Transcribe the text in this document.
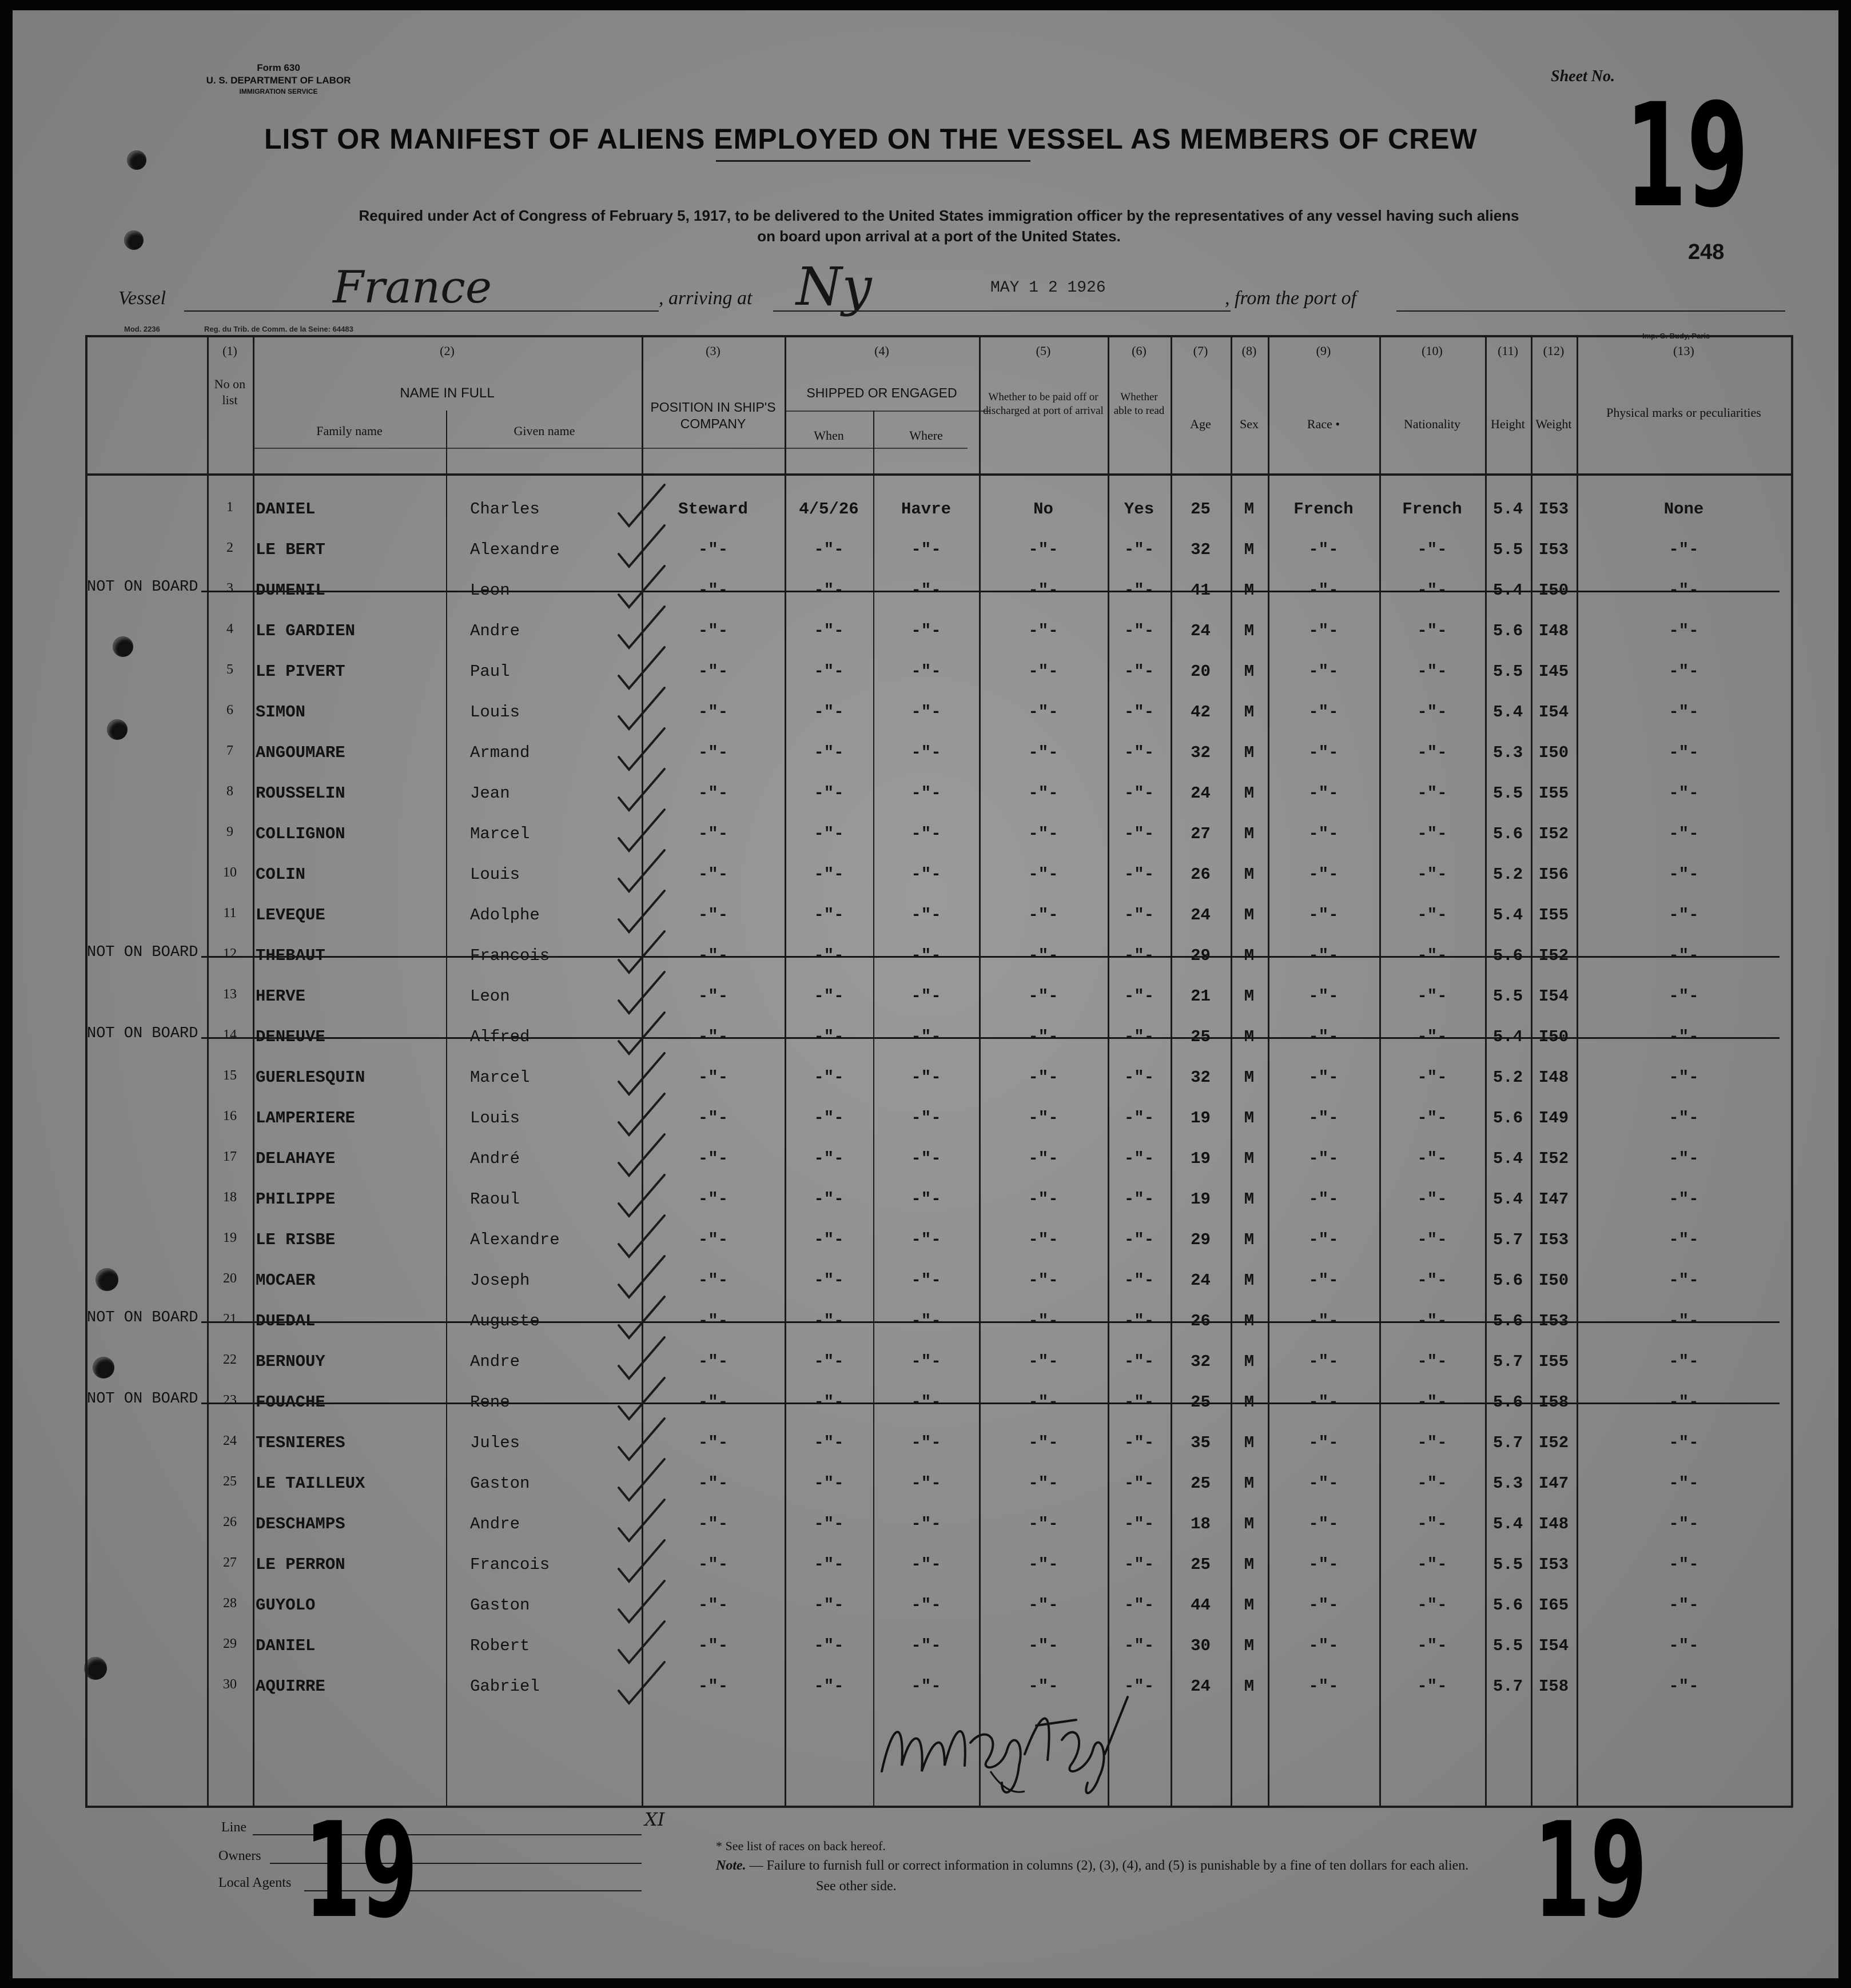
Form 630
U. S. DEPARTMENT OF LABOR
IMMIGRATION SERVICE
Sheet No. 19
248
LIST OR MANIFEST OF ALIENS EMPLOYED ON THE VESSEL AS MEMBERS OF CREW
Required under Act of Congress of February 5, 1917, to be delivered to the United States immigration officer by the representatives of any vessel having such aliens
on board upon arrival at a port of the United States.
Vessel	France	, arriving at Ny	MAY 1 2 1926	, from the port of
Mod. 2236	Reg. du Trib. de Comm. de la Seine: 64483
Imp. G. Budy, Paris
(1)
No on list
(2)
NAME IN FULL
Family name	Given name
(3)
POSITION IN SHIP'S COMPANY
(4)
SHIPPED OR ENGAGED
When	Where
(5)
Whether to be paid off or discharged at port of arrival
(6)
Whether able to read
(7)
Age
(8)
Sex
(9)
Race •
(10)
Nationality
(11)
Height
(12)
Weight
(13)
Physical marks or peculiarities
1	DANIEL	Charles	Steward	4/5/26	Havre	No	Yes	25	M	French	French	5.4 I53	None
2	LE BERT	Alexandre	-"-	-"-	-"-	-"-	-"-	32	M	-"-	-"-	5.5 I53	-"-
3	DUMENIL	Leon	-"-	-"-	-"-	-"-	-"-	41	M	-"-	-"-	5.4 I50	-"-
NOT ON BOARD
4	LE GARDIEN	Andre	-"-	-"-	-"-	-"-	-"-	24	M	-"-	-"-	5.6 I48	-"-
5	LE PIVERT	Paul	-"-	-"-	-"-	-"-	-"-	20	M	-"-	-"-	5.5 I45	-"-
6	SIMON	Louis	-"-	-"-	-"-	-"-	-"-	42	M	-"-	-"-	5.4 I54	-"-
7	ANGOUMARE	Armand	-"-	-"-	-"-	-"-	-"-	32	M	-"-	-"-	5.3 I50	-"-
8	ROUSSELIN	Jean	-"-	-"-	-"-	-"-	-"-	24	M	-"-	-"-	5.5 I55	-"-
9	COLLIGNON	Marcel	-"-	-"-	-"-	-"-	-"-	27	M	-"-	-"-	5.6 I52	-"-
10	COLIN	Louis	-"-	-"-	-"-	-"-	-"-	26	M	-"-	-"-	5.2 I56	-"-
11	LEVEQUE	Adolphe	-"-	-"-	-"-	-"-	-"-	24	M	-"-	-"-	5.4 I55	-"-
12	THEBAUT	Francois	-"-	-"-	-"-	-"-	-"-	29	M	-"-	-"-	5.6 I52	-"-
NOT ON BOARD
13	HERVE	Leon	-"-	-"-	-"-	-"-	-"-	21	M	-"-	-"-	5.5 I54	-"-
14	DENEUVE	Alfred	-"-	-"-	-"-	-"-	-"-	25	M	-"-	-"-	5.4 I50	-"-
NOT ON BOARD
15	GUERLESQUIN	Marcel	-"-	-"-	-"-	-"-	-"-	32	M	-"-	-"-	5.2 I48	-"-
16	LAMPERIERE	Louis	-"-	-"-	-"-	-"-	-"-	19	M	-"-	-"-	5.6 I49	-"-
17	DELAHAYE	André	-"-	-"-	-"-	-"-	-"-	19	M	-"-	-"-	5.4 I52	-"-
18	PHILIPPE	Raoul	-"-	-"-	-"-	-"-	-"-	19	M	-"-	-"-	5.4 I47	-"-
19	LE RISBE	Alexandre	-"-	-"-	-"-	-"-	-"-	29	M	-"-	-"-	5.7 I53	-"-
20	MOCAER	Joseph	-"-	-"-	-"-	-"-	-"-	24	M	-"-	-"-	5.6 I50	-"-
21	DUEDAL	Auguste	-"-	-"-	-"-	-"-	-"-	26	M	-"-	-"-	5.6 I53	-"-
NOT ON BOARD
22	BERNOUY	Andre	-"-	-"-	-"-	-"-	-"-	32	M	-"-	-"-	5.7 I55	-"-
23	FOUACHE	Rene	-"-	-"-	-"-	-"-	-"-	25	M	-"-	-"-	5.6 I58	-"-
NOT ON BOARD
24	TESNIERES	Jules	-"-	-"-	-"-	-"-	-"-	35	M	-"-	-"-	5.7 I52	-"-
25	LE TAILLEUX	Gaston	-"-	-"-	-"-	-"-	-"-	25	M	-"-	-"-	5.3 I47	-"-
26	DESCHAMPS	Andre	-"-	-"-	-"-	-"-	-"-	18	M	-"-	-"-	5.4 I48	-"-
27	LE PERRON	Francois	-"-	-"-	-"-	-"-	-"-	25	M	-"-	-"-	5.5 I53	-"-
28	GUYOLO	Gaston	-"-	-"-	-"-	-"-	-"-	44	M	-"-	-"-	5.6 I65	-"-
29	DANIEL	Robert	-"-	-"-	-"-	-"-	-"-	30	M	-"-	-"-	5.5 I54	-"-
30	AQUIRRE	Gabriel	-"-	-"-	-"-	-"-	-"-	24	M	-"-	-"-	5.7 I58	-"-
Line
Owners
Local Agents 19	19
XI
* See list of races on back hereof.
Note. — Failure to furnish full or correct information in columns (2), (3), (4), and (5) is punishable by a fine of ten dollars for each alien.
See other side.
